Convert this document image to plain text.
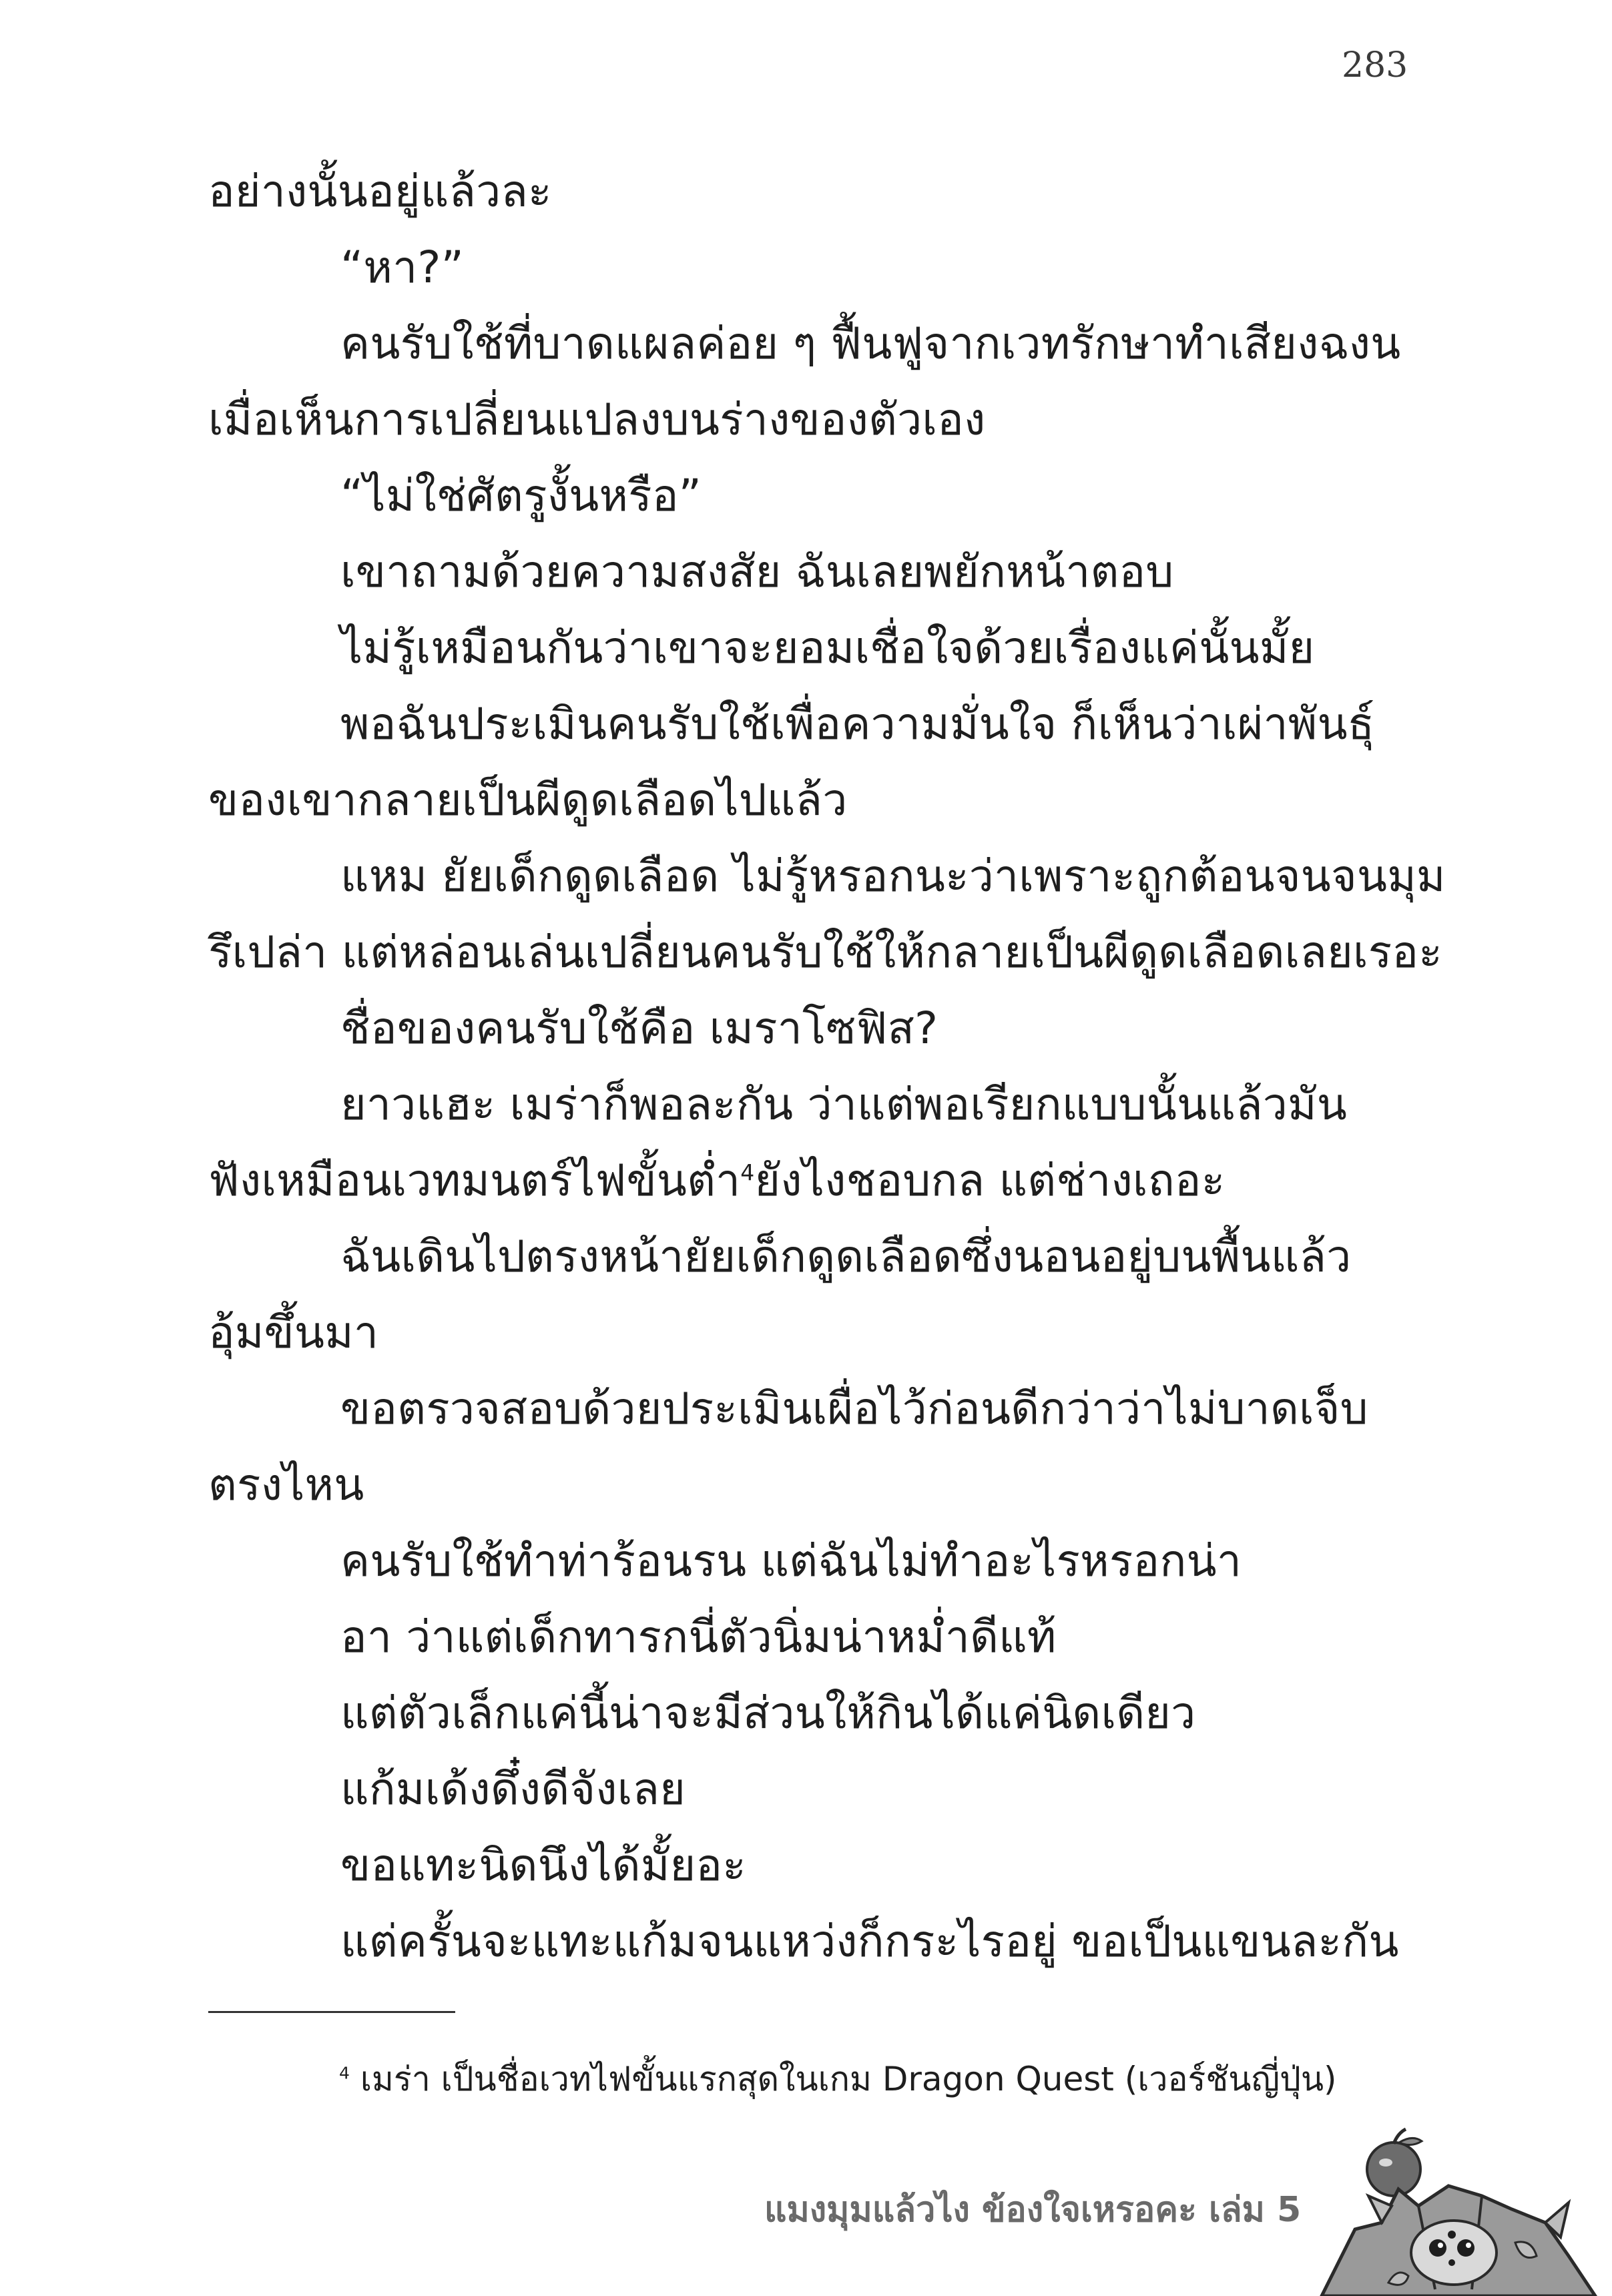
283
อย่างนั้นอยู่แล้วละ
“หา?”
คนรับใช้ที่บาดแผลค่อย ๆ ฟื้นฟูจากเวทรักษาทำเสียงฉงน
เมื่อเห็นการเปลี่ยนแปลงบนร่างของตัวเอง
“ไม่ใช่ศัตรูงั้นหรือ”
เขาถามด้วยความสงสัย ฉันเลยพยักหน้าตอบ
ไม่รู้เหมือนกันว่าเขาจะยอมเชื่อใจด้วยเรื่องแค่นั้นมั้ย
พอฉันประเมินคนรับใช้เพื่อความมั่นใจ ก็เห็นว่าเผ่าพันธุ์
ของเขากลายเป็นผีดูดเลือดไปแล้ว
แหม ยัยเด็กดูดเลือด ไม่รู้หรอกนะว่าเพราะถูกต้อนจนจนมุม
รึเปล่า แต่หล่อนเล่นเปลี่ยนคนรับใช้ให้กลายเป็นผีดูดเลือดเลยเรอะ
ชื่อของคนรับใช้คือ เมราโซฟิส?
ยาวแฮะ เมร่าก็พอละกัน ว่าแต่พอเรียกแบบนั้นแล้วมัน
ฟังเหมือนเวทมนตร์ไฟขั้นต่ำ$^4$ยังไงชอบกล แต่ช่างเถอะ
ฉันเดินไปตรงหน้ายัยเด็กดูดเลือดซึ่งนอนอยู่บนพื้นแล้ว
อุ้มขึ้นมา
ขอตรวจสอบด้วยประเมินเผื่อไว้ก่อนดีกว่าว่าไม่บาดเจ็บ
ตรงไหน
คนรับใช้ทำท่าร้อนรน แต่ฉันไม่ทำอะไรหรอกน่า
อา ว่าแต่เด็กทารกนี่ตัวนิ่มน่าหม่ำดีแท้
แต่ตัวเล็กแค่นี้น่าจะมีส่วนให้กินได้แค่นิดเดียว
แก้มเด้งดึ๋งดีจังเลย
ขอแทะนิดนึงได้มั้ยอะ
แต่ครั้นจะแทะแก้มจนแหว่งก็กระไรอยู่ ขอเป็นแขนละกัน
$^4$ เมร่า เป็นชื่อเวทไฟขั้นแรกสุดในเกม Dragon Quest (เวอร์ชันญี่ปุ่น)
แมงมุมแล้วไง ข้องใจเหรอคะ เล่ม 5
